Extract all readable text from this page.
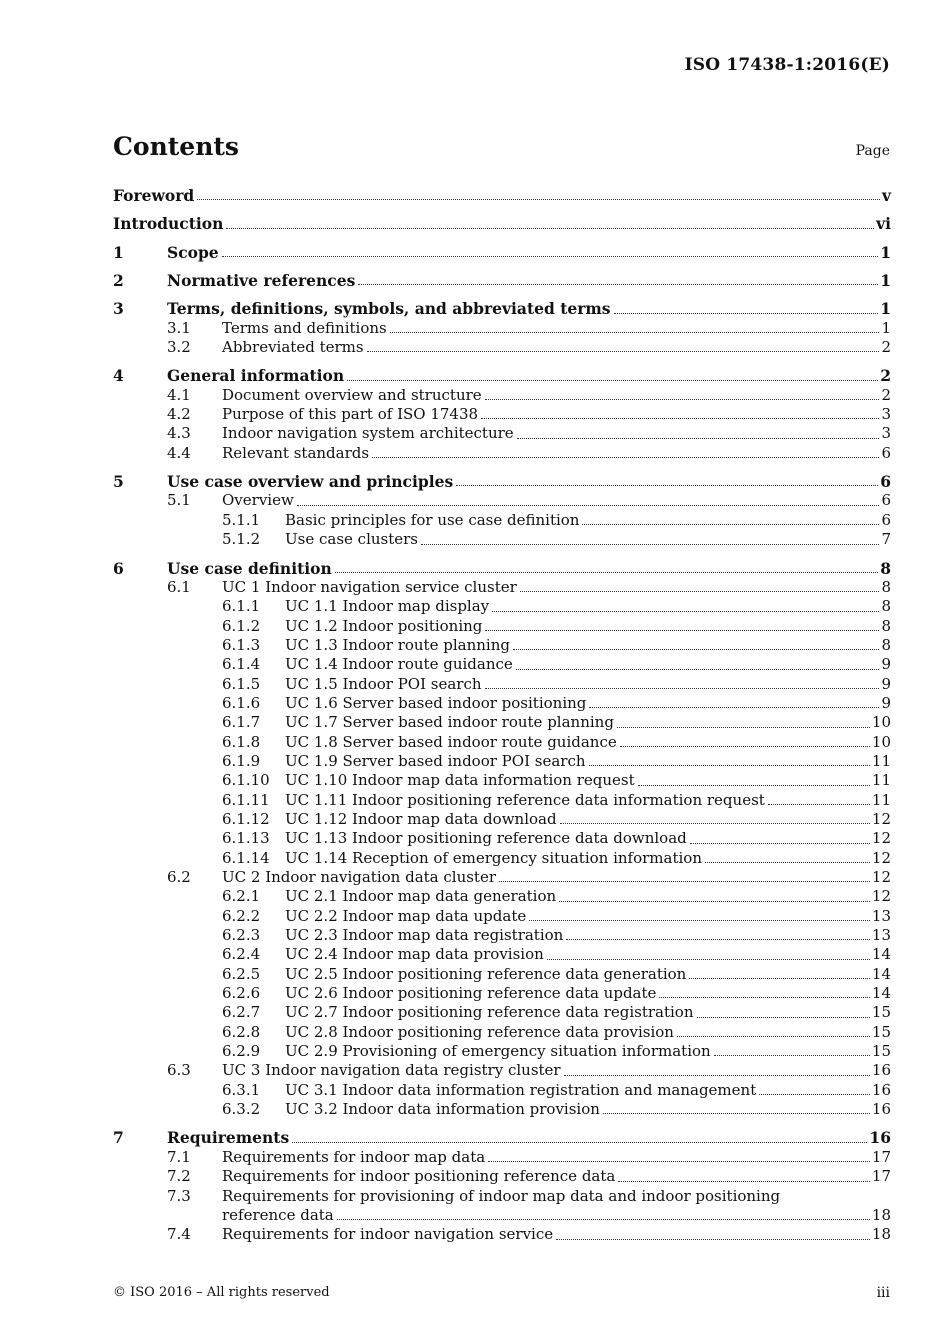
ISO 17438-1:2016(E)
Contents	Page
Foreword	v
Introduction	vi
1	Scope	1
2	Normative references	1
3	Terms, definitions, symbols, and abbreviated terms	1
3.1	Terms and definitions	1
3.2	Abbreviated terms	2
4	General information	2
4.1	Document overview and structure	2
4.2	Purpose of this part of ISO 17438	3
4.3	Indoor navigation system architecture	3
4.4	Relevant standards	6
5	Use case overview and principles	6
5.1	Overview	6
5.1.1	Basic principles for use case definition	6
5.1.2	Use case clusters	7
6	Use case definition	8
6.1	UC 1 Indoor navigation service cluster	8
6.1.1	UC 1.1 Indoor map display	8
6.1.2	UC 1.2 Indoor positioning	8
6.1.3	UC 1.3 Indoor route planning	8
6.1.4	UC 1.4 Indoor route guidance	9
6.1.5	UC 1.5 Indoor POI search	9
6.1.6	UC 1.6 Server based indoor positioning	9
6.1.7	UC 1.7 Server based indoor route planning	10
6.1.8	UC 1.8 Server based indoor route guidance	10
6.1.9	UC 1.9 Server based indoor POI search	11
6.1.10	UC 1.10 Indoor map data information request	11
6.1.11	UC 1.11 Indoor positioning reference data information request	11
6.1.12	UC 1.12 Indoor map data download	12
6.1.13	UC 1.13 Indoor positioning reference data download	12
6.1.14	UC 1.14 Reception of emergency situation information	12
6.2	UC 2 Indoor navigation data cluster	12
6.2.1	UC 2.1 Indoor map data generation	12
6.2.2	UC 2.2 Indoor map data update	13
6.2.3	UC 2.3 Indoor map data registration	13
6.2.4	UC 2.4 Indoor map data provision	14
6.2.5	UC 2.5 Indoor positioning reference data generation	14
6.2.6	UC 2.6 Indoor positioning reference data update	14
6.2.7	UC 2.7 Indoor positioning reference data registration	15
6.2.8	UC 2.8 Indoor positioning reference data provision	15
6.2.9	UC 2.9 Provisioning of emergency situation information	15
6.3	UC 3 Indoor navigation data registry cluster	16
6.3.1	UC 3.1 Indoor data information registration and management	16
6.3.2	UC 3.2 Indoor data information provision	16
7	Requirements	16
7.1	Requirements for indoor map data	17
7.2	Requirements for indoor positioning reference data	17
7.3	Requirements for provisioning of indoor map data and indoor positioning
reference data	18
7.4	Requirements for indoor navigation service	18
© ISO 2016 – All rights reserved	iii
